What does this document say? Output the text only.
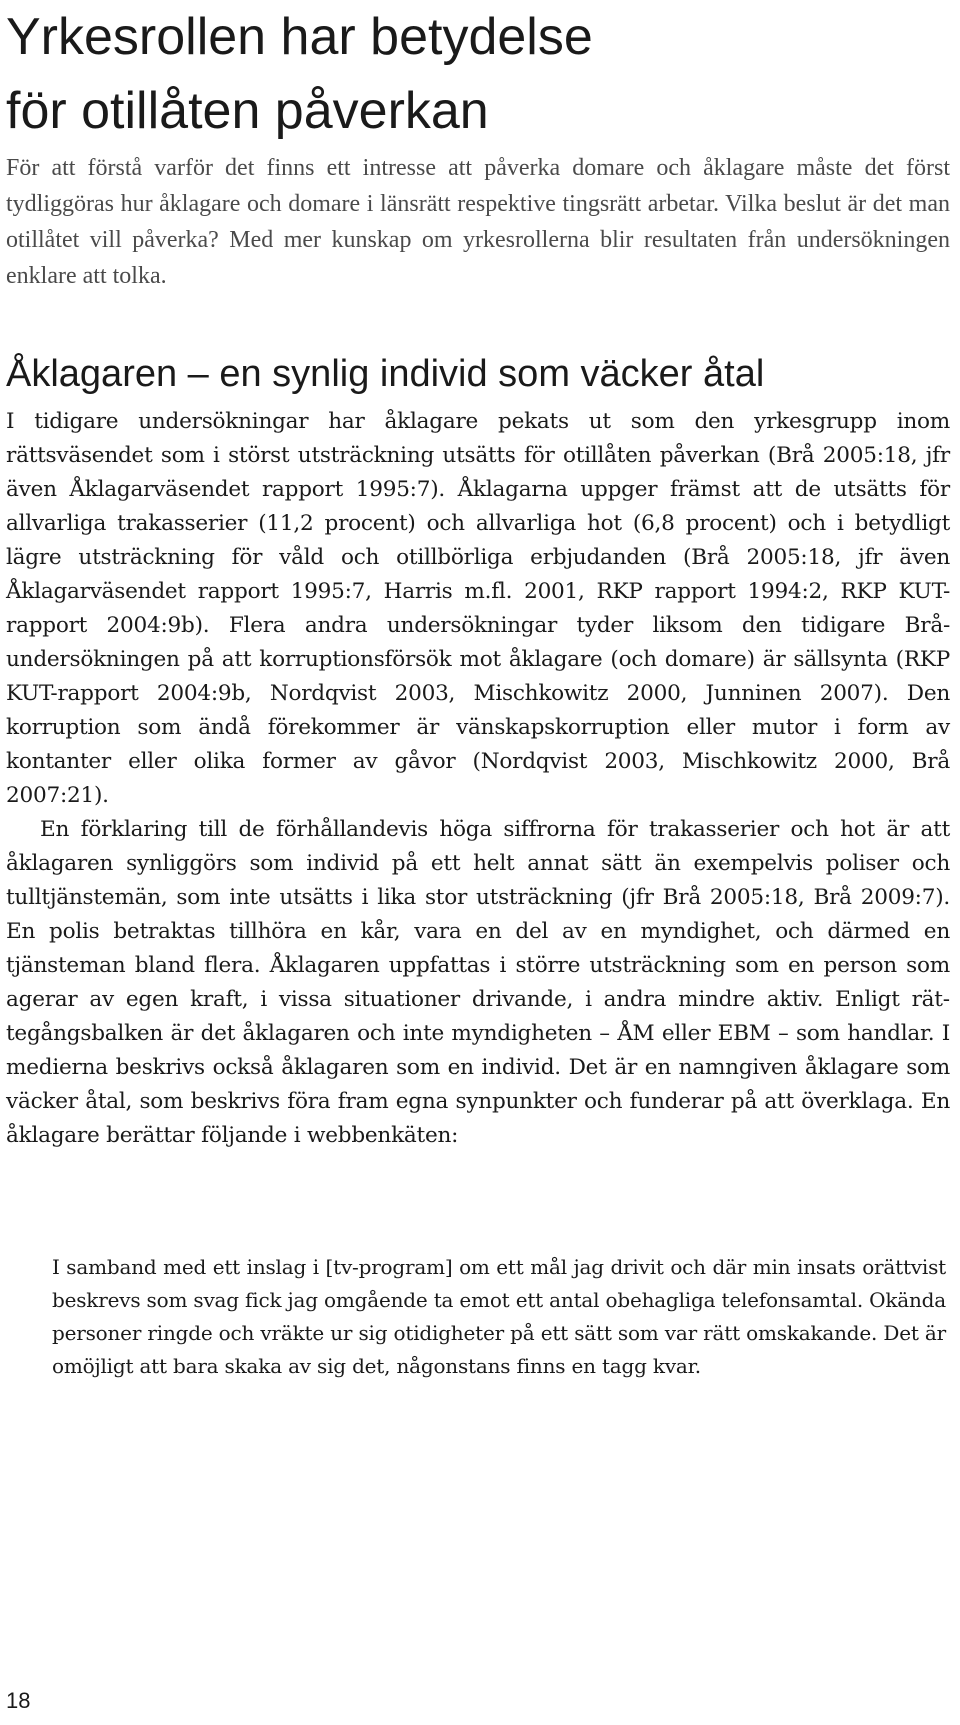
Yrkesrollen har betydelse
för otillåten påverkan

För att förstå varför det finns ett intresse att påverka domare och åklagare måste det först tydliggöras hur åklagare och domare i länsrätt respektive tingsrätt arbetar. Vilka beslut är det man otillåtet vill påverka? Med mer kunskap om yrkesrollerna blir resultaten från undersökningen enklare att tolka.

Åklagaren – en synlig individ som väcker åtal

I tidigare undersökningar har åklagare pekats ut som den yrkesgrupp inom rättsväsendet som i störst utsträckning utsätts för otillåten påverkan (Brå 2005:18, jfr även Åklagarväsendet rapport 1995:7). Åklagarna uppger främst att de utsätts för allvarliga trakasserier (11,2 procent) och allvarliga hot (6,8 procent) och i betydligt lägre utsträckning för våld och otillbörliga erbjudanden (Brå 2005:18, jfr även Åklagarväsendet rapport 1995:7, Harris m.fl. 2001, RKP rapport 1994:2, RKP KUT-rapport 2004:9b). Flera andra undersökningar tyder liksom den tidigare Brå-undersökningen på att korruptionsförsök mot åklagare (och domare) är sällsynta (RKP KUT-rapport 2004:9b, Nordqvist 2003, Mischkowitz 2000, Junninen 2007). Den korruption som ändå förekommer är vänskapskorruption eller mutor i form av kontanter eller olika former av gåvor (Nordqvist 2003, Mischkowitz 2000, Brå 2007:21).

En förklaring till de förhållandevis höga siffrorna för trakasserier och hot är att åklagaren synliggörs som individ på ett helt annat sätt än exempelvis poliser och tulltjänstemän, som inte utsätts i lika stor utsträckning (jfr Brå 2005:18, Brå 2009:7). En polis betraktas tillhöra en kår, vara en del av en myndighet, och därmed en tjänsteman bland flera. Åklagaren uppfattas i större utsträckning som en person som agerar av egen kraft, i vissa situationer drivande, i andra mindre aktiv. Enligt rättegångsbalken är det åklagaren och inte myndigheten – ÅM eller EBM – som handlar. I medierna beskrivs också åklagaren som en individ. Det är en namngiven åklagare som väcker åtal, som beskrivs föra fram egna synpunkter och funderar på att överklaga. En åklagare berättar följande i webbenkäten:

I samband med ett inslag i [tv-program] om ett mål jag drivit och där min insats orättvist beskrevs som svag fick jag omgående ta emot ett antal obehagliga telefonsamtal. Okända personer ringde och vräkte ur sig otidigheter på ett sätt som var rätt omskakande. Det är omöjligt att bara skaka av sig det, någonstans finns en tagg kvar.
18
